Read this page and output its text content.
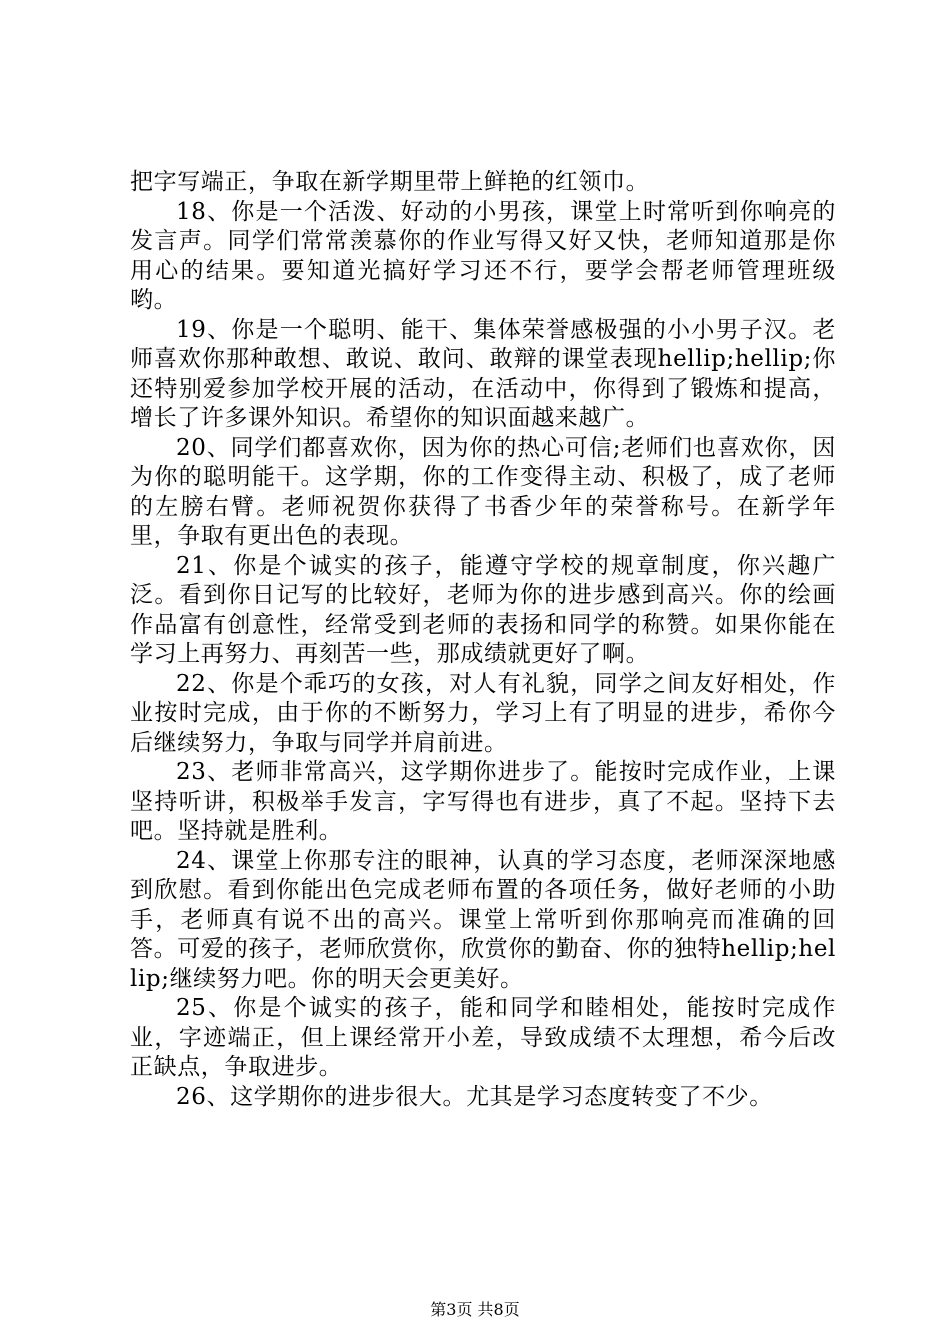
把字写端正，争取在新学期里带上鲜艳的红领巾。

18、你是一个活泼、好动的小男孩，课堂上时常听到你响亮的发言声。同学们常常羡慕你的作业写得又好又快，老师知道那是你用心的结果。要知道光搞好学习还不行，要学会帮老师管理班级哟。

19、你是一个聪明、能干、集体荣誉感极强的小小男子汉。老师喜欢你那种敢想、敢说、敢问、敢辩的课堂表现hellip;hellip;你还特别爱参加学校开展的活动，在活动中，你得到了锻炼和提高，增长了许多课外知识。希望你的知识面越来越广。

20、同学们都喜欢你，因为你的热心可信;老师们也喜欢你，因为你的聪明能干。这学期，你的工作变得主动、积极了，成了老师的左膀右臂。老师祝贺你获得了书香少年的荣誉称号。在新学年里，争取有更出色的表现。

21、你是个诚实的孩子，能遵守学校的规章制度，你兴趣广泛。看到你日记写的比较好，老师为你的进步感到高兴。你的绘画作品富有创意性，经常受到老师的表扬和同学的称赞。如果你能在学习上再努力、再刻苦一些，那成绩就更好了啊。

22、你是个乖巧的女孩，对人有礼貌，同学之间友好相处，作业按时完成，由于你的不断努力，学习上有了明显的进步，希你今后继续努力，争取与同学并肩前进。

23、老师非常高兴，这学期你进步了。能按时完成作业，上课坚持听讲，积极举手发言，字写得也有进步，真了不起。坚持下去吧。坚持就是胜利。

24、课堂上你那专注的眼神，认真的学习态度，老师深深地感到欣慰。看到你能出色完成老师布置的各项任务，做好老师的小助手，老师真有说不出的高兴。课堂上常听到你那响亮而准确的回答。可爱的孩子，老师欣赏你，欣赏你的勤奋、你的独特hellip;hellip;继续努力吧。你的明天会更美好。

25、你是个诚实的孩子，能和同学和睦相处，能按时完成作业，字迹端正，但上课经常开小差，导致成绩不太理想，希今后改正缺点，争取进步。

26、这学期你的进步很大。尤其是学习态度转变了不少。

第3页 共8页
